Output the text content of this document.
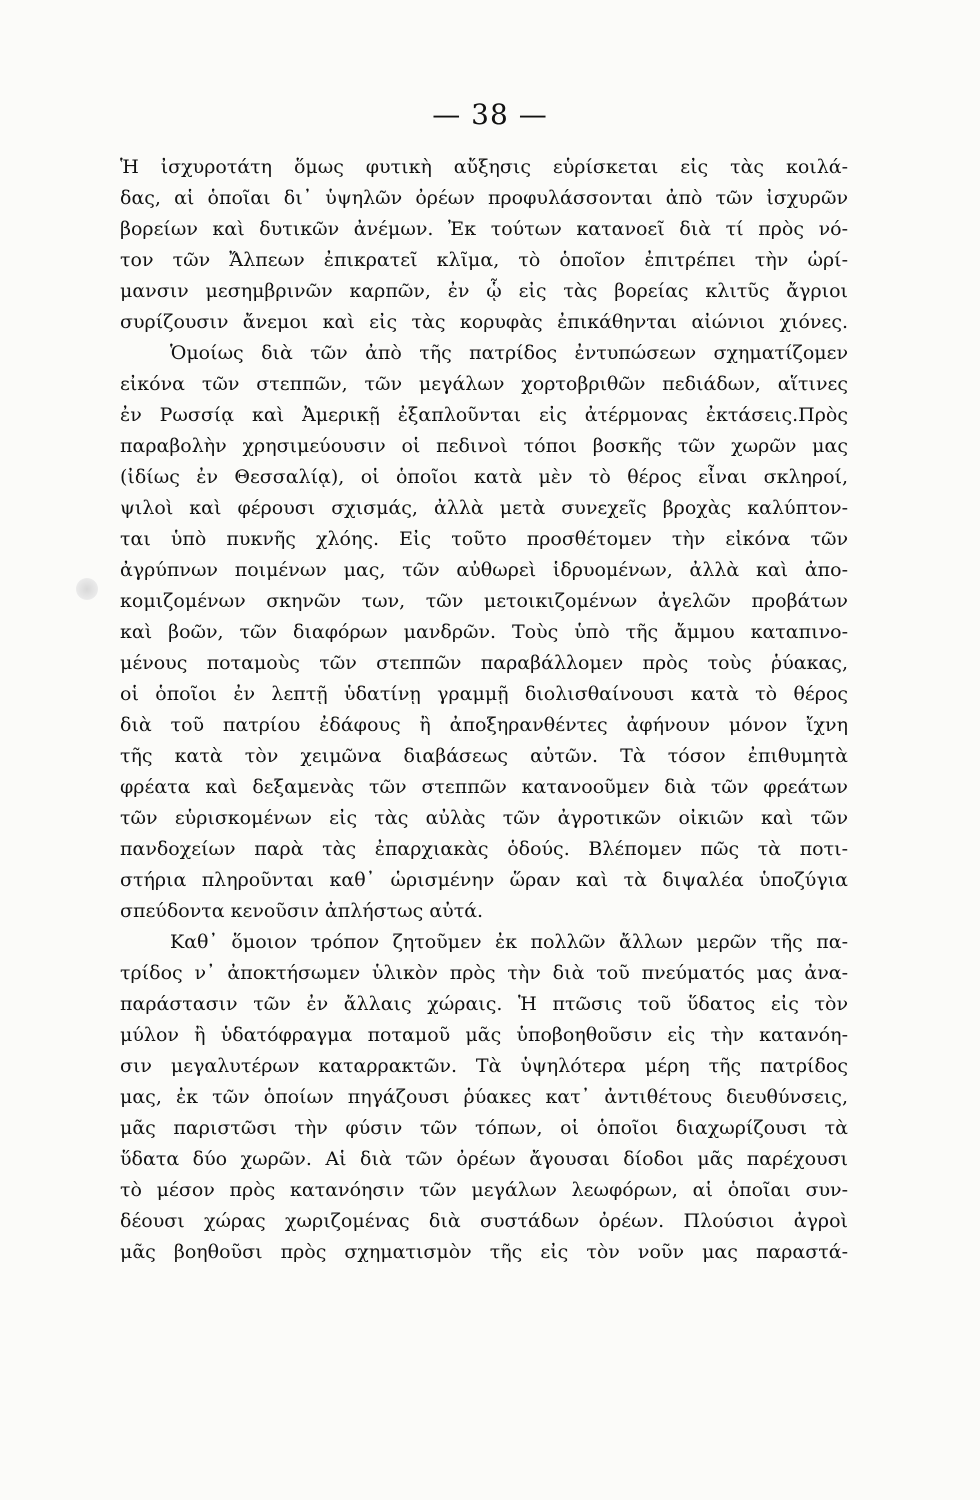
— 38 —
Ἡ ἰσχυροτάτη ὅμως φυτικὴ αὔξησις εὑρίσκεται εἰς τὰς κοιλά-
δας, αἱ ὁποῖαι δι᾽ ὑψηλῶν ὀρέων προφυλάσσονται ἀπὸ τῶν ἰσχυρῶν
βορείων καὶ δυτικῶν ἀνέμων. Ἐκ τούτων κατανοεῖ διὰ τί πρὸς νό-
τον τῶν Ἄλπεων ἐπικρατεῖ κλῖμα, τὸ ὁποῖον ἐπιτρέπει τὴν ὡρί-
μανσιν μεσημβρινῶν καρπῶν, ἐν ᾧ εἰς τὰς βορείας κλιτῦς ἄγριοι
συρίζουσιν ἄνεμοι καὶ εἰς τὰς κορυφὰς ἐπικάθηνται αἰώνιοι χιόνες.
Ὁμοίως διὰ τῶν ἀπὸ τῆς πατρίδος ἐντυπώσεων σχηματίζομεν
εἰκόνα τῶν στεππῶν, τῶν μεγάλων χορτοβριθῶν πεδιάδων, αἵτινες
ἐν Ρωσσίᾳ καὶ Ἀμερικῇ ἐξαπλοῦνται εἰς ἀτέρμονας ἐκτάσεις.Πρὸς
παραβολὴν χρησιμεύουσιν οἱ πεδινοὶ τόποι βοσκῆς τῶν χωρῶν μας
(ἰδίως ἐν Θεσσαλίᾳ), οἱ ὁποῖοι κατὰ μὲν τὸ θέρος εἶναι σκληροί,
ψιλοὶ καὶ φέρουσι σχισμάς, ἀλλὰ μετὰ συνεχεῖς βροχὰς καλύπτον-
ται ὑπὸ πυκνῆς χλόης. Εἰς τοῦτο προσθέτομεν τὴν εἰκόνα τῶν
ἀγρύπνων ποιμένων μας, τῶν αὐθωρεὶ ἱδρυομένων, ἀλλὰ καὶ ἀπο-
κομιζομένων σκηνῶν των, τῶν μετοικιζομένων ἀγελῶν προβάτων
καὶ βοῶν, τῶν διαφόρων μανδρῶν. Τοὺς ὑπὸ τῆς ἄμμου καταπινο-
μένους ποταμοὺς τῶν στεππῶν παραβάλλομεν πρὸς τοὺς ῥύακας,
οἱ ὁποῖοι ἐν λεπτῇ ὑδατίνῃ γραμμῇ διολισθαίνουσι κατὰ τὸ θέρος
διὰ τοῦ πατρίου ἐδάφους ἢ ἀποξηρανθέντες ἀφήνουν μόνον ἴχνη
τῆς κατὰ τὸν χειμῶνα διαβάσεως αὐτῶν. Τὰ τόσον ἐπιθυμητὰ
φρέατα καὶ δεξαμενὰς τῶν στεππῶν κατανοοῦμεν διὰ τῶν φρεάτων
τῶν εὑρισκομένων εἰς τὰς αὐλὰς τῶν ἀγροτικῶν οἰκιῶν καὶ τῶν
πανδοχείων παρὰ τὰς ἐπαρχιακὰς ὁδούς. Βλέπομεν πῶς τὰ ποτι-
στήρια πληροῦνται καθ᾽ ὡρισμένην ὥραν καὶ τὰ διψαλέα ὑποζύγια
σπεύδοντα κενοῦσιν ἀπλήστως αὐτά.
Καθ᾽ ὅμοιον τρόπον ζητοῦμεν ἐκ πολλῶν ἄλλων μερῶν τῆς πα-
τρίδος ν᾽ ἀποκτήσωμεν ὑλικὸν πρὸς τὴν διὰ τοῦ πνεύματός μας ἀνα-
παράστασιν τῶν ἐν ἄλλαις χώραις. Ἡ πτῶσις τοῦ ὕδατος εἰς τὸν
μύλον ἢ ὑδατόφραγμα ποταμοῦ μᾶς ὑποβοηθοῦσιν εἰς τὴν κατανόη-
σιν μεγαλυτέρων καταρρακτῶν. Τὰ ὑψηλότερα μέρη τῆς πατρίδος
μας, ἐκ τῶν ὁποίων πηγάζουσι ῥύακες κατ᾽ ἀντιθέτους διευθύνσεις,
μᾶς παριστῶσι τὴν φύσιν τῶν τόπων, οἱ ὁποῖοι διαχωρίζουσι τὰ
ὕδατα δύο χωρῶν. Αἱ διὰ τῶν ὀρέων ἄγουσαι δίοδοι μᾶς παρέχουσι
τὸ μέσον πρὸς κατανόησιν τῶν μεγάλων λεωφόρων, αἱ ὁποῖαι συν-
δέουσι χώρας χωριζομένας διὰ συστάδων ὀρέων. Πλούσιοι ἀγροὶ
μᾶς βοηθοῦσι πρὸς σχηματισμὸν τῆς εἰς τὸν νοῦν μας παραστά-
